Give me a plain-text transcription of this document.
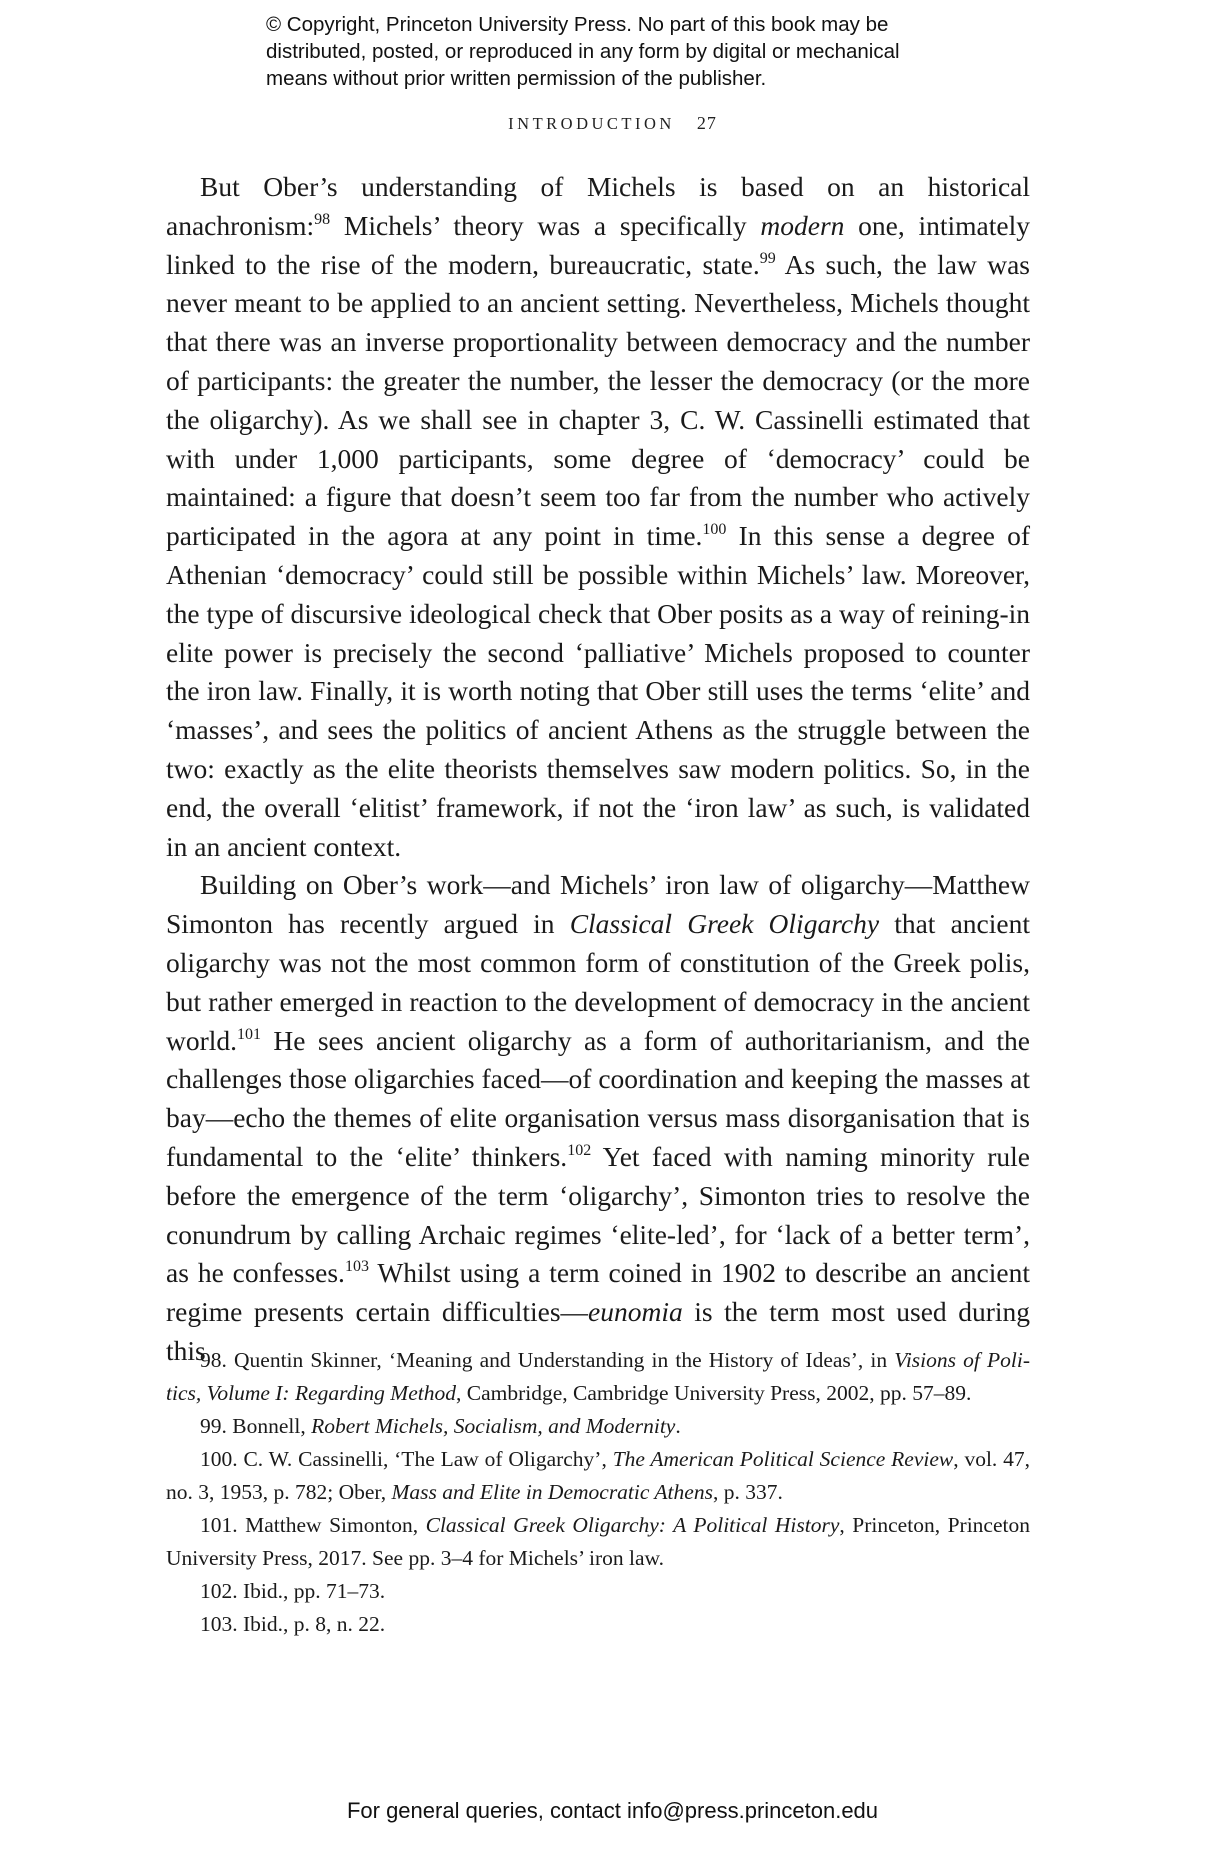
© Copyright, Princeton University Press. No part of this book may be
distributed, posted, or reproduced in any form by digital or mechanical
means without prior written permission of the publisher.
INTRODUCTION 27

But Ober’s understanding of Michels is based on an historical anachronism:$^{98}$ Michels’ theory was a specifically modern one, intimately linked to the rise of the modern, bureaucratic, state.$^{99}$ As such, the law was never meant to be applied to an ancient setting. Nevertheless, Michels thought that there was an inverse proportionality between democracy and the number of participants: the greater the number, the lesser the democracy (or the more the oligarchy). As we shall see in chapter 3, C. W. Cassinelli estimated that with under 1,000 participants, some degree of ‘democracy’ could be maintained: a figure that doesn’t seem too far from the number who actively participated in the agora at any point in time.$^{100}$ In this sense a degree of Athenian ‘democracy’ could still be possible within Michels’ law. Moreover, the type of discursive ideological check that Ober posits as a way of reining-in elite power is precisely the second ‘palliative’ Michels proposed to counter the iron law. Finally, it is worth noting that Ober still uses the terms ‘elite’ and ‘masses’, and sees the politics of ancient Athens as the struggle between the two: exactly as the elite theorists themselves saw modern politics. So, in the end, the overall ‘elitist’ framework, if not the ‘iron law’ as such, is validated in an ancient context.

Building on Ober’s work—and Michels’ iron law of oligarchy—Matthew Simonton has recently argued in Classical Greek Oligarchy that ancient oligarchy was not the most common form of constitution of the Greek polis, but rather emerged in reaction to the development of democracy in the ancient world.$^{101}$ He sees ancient oligarchy as a form of authoritarianism, and the challenges those oligarchies faced—of coordination and keeping the masses at bay—echo the themes of elite organisation versus mass disorganisation that is fundamental to the ‘elite’ thinkers.$^{102}$ Yet faced with naming minority rule before the emergence of the term ‘oligarchy’, Simonton tries to resolve the conundrum by calling Archaic regimes ‘elite-led’, for ‘lack of a better term’, as he confesses.$^{103}$ Whilst using a term coined in 1902 to describe an ancient regime presents certain difficulties—eunomia is the term most used during this

98. Quentin Skinner, ‘Meaning and Understanding in the History of Ideas’, in Visions of Politics, Volume I: Regarding Method, Cambridge, Cambridge University Press, 2002, pp. 57–89.

99. Bonnell, Robert Michels, Socialism, and Modernity.

100. C. W. Cassinelli, ‘The Law of Oligarchy’, The American Political Science Review, vol. 47, no. 3, 1953, p. 782; Ober, Mass and Elite in Democratic Athens, p. 337.

101. Matthew Simonton, Classical Greek Oligarchy: A Political History, Princeton, Princeton University Press, 2017. See pp. 3–4 for Michels’ iron law.

102. Ibid., pp. 71–73.

103. Ibid., p. 8, n. 22.

For general queries, contact info@press.princeton.edu
